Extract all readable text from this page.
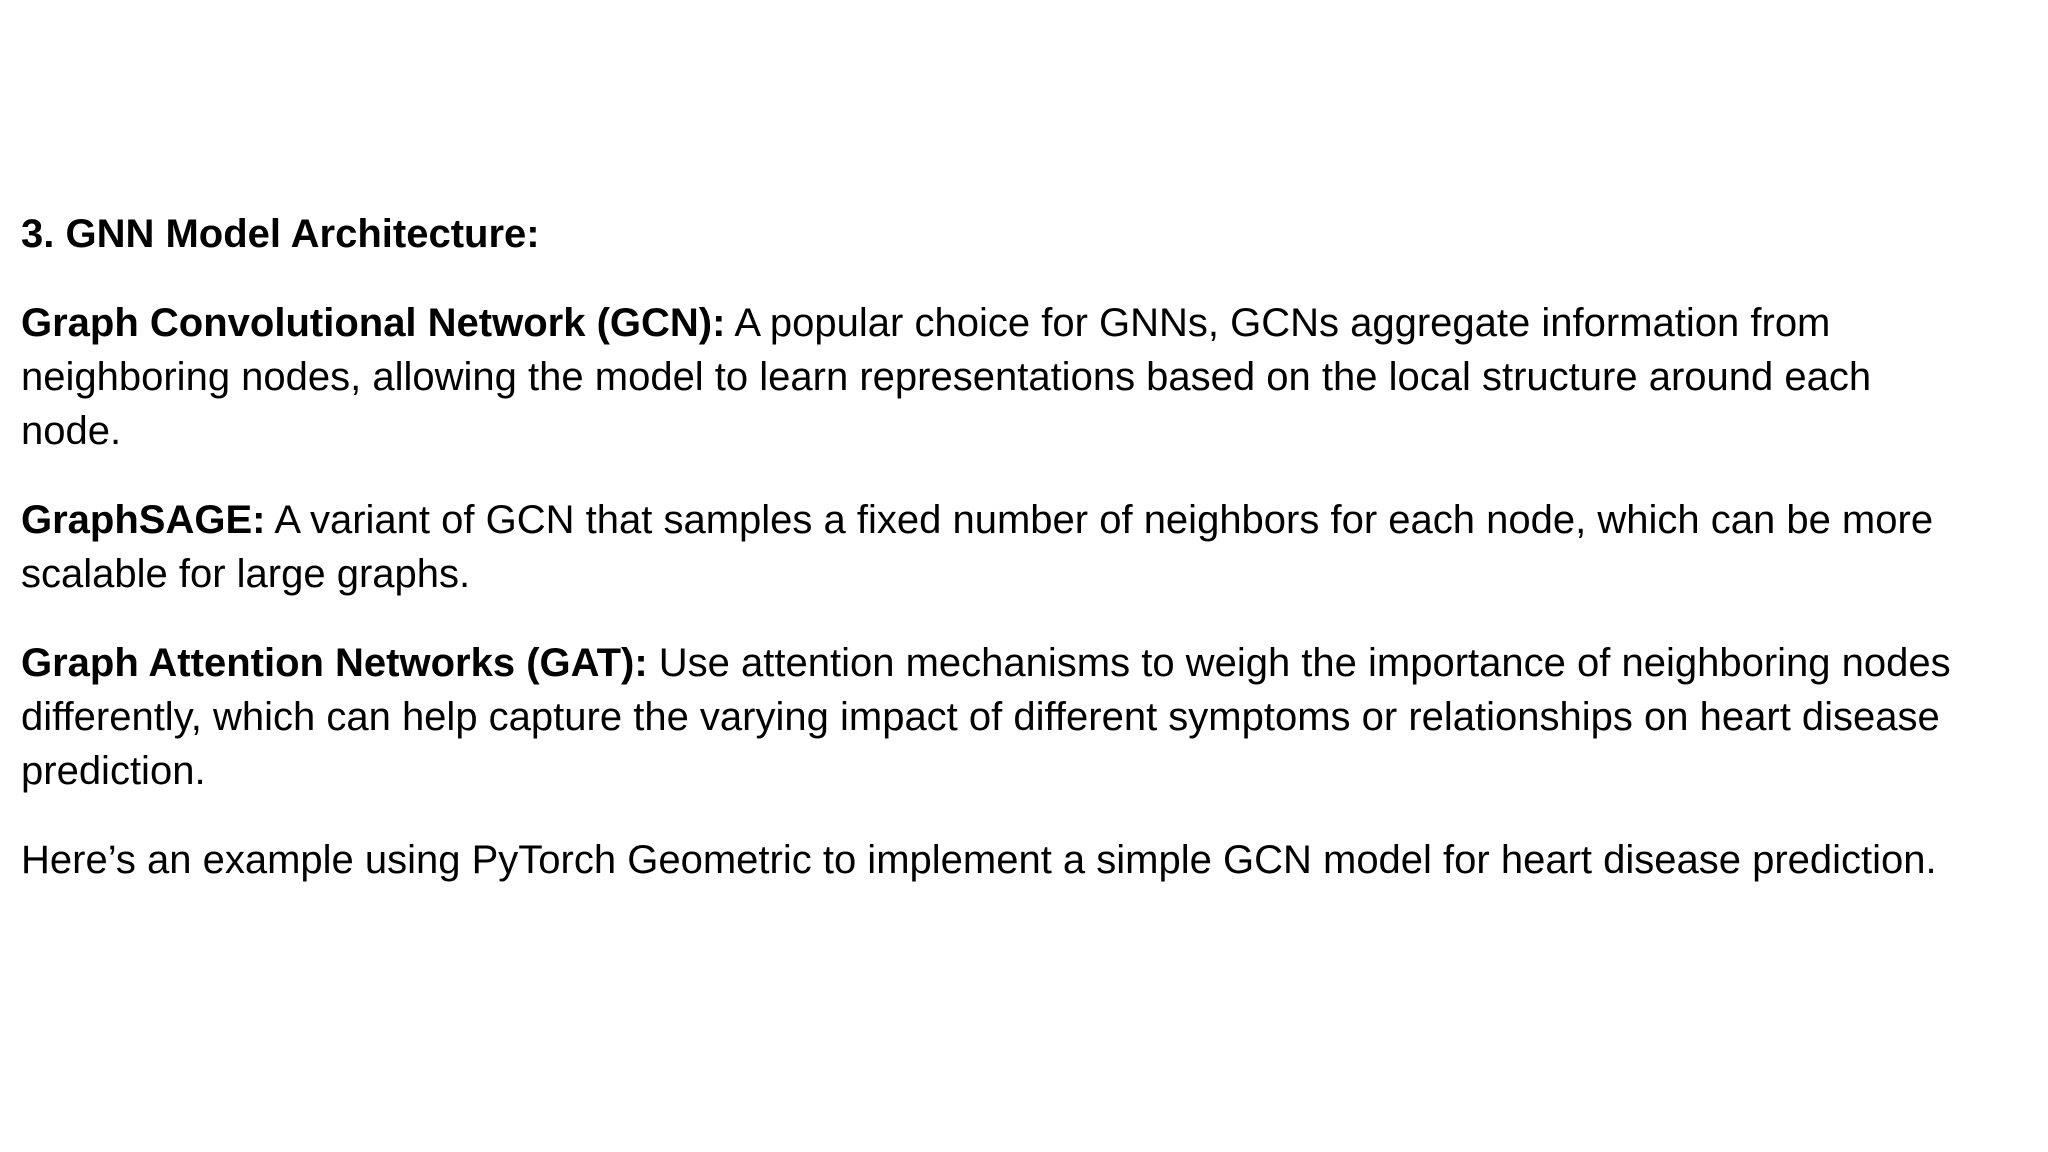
3. GNN Model Architecture:

Graph Convolutional Network (GCN): A popular choice for GNNs, GCNs aggregate information from neighboring nodes, allowing the model to learn representations based on the local structure around each node.

GraphSAGE: A variant of GCN that samples a fixed number of neighbors for each node, which can be more scalable for large graphs.

Graph Attention Networks (GAT): Use attention mechanisms to weigh the importance of neighboring nodes differently, which can help capture the varying impact of different symptoms or relationships on heart disease prediction.

Here’s an example using PyTorch Geometric to implement a simple GCN model for heart disease prediction.
